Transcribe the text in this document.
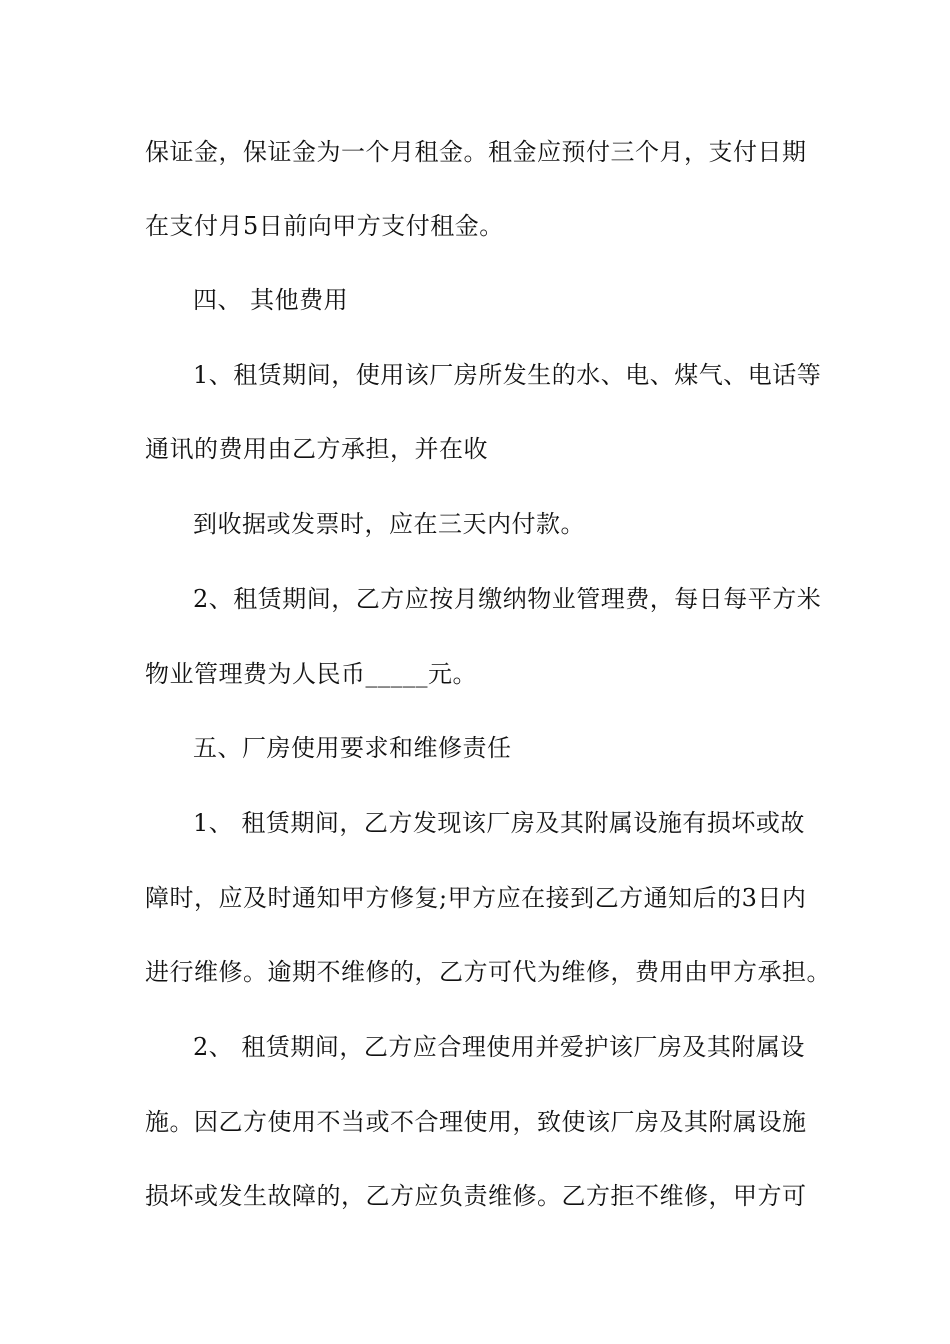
保证金，保证金为一个月租金。租金应预付三个月，支付日期
在支付月5日前向甲方支付租金。
四、 其他费用
1、租赁期间，使用该厂房所发生的水、电、煤气、电话等
通讯的费用由乙方承担，并在收
到收据或发票时，应在三天内付款。
2、租赁期间，乙方应按月缴纳物业管理费，每日每平方米
物业管理费为人民币_____元。
五、厂房使用要求和维修责任
1、 租赁期间，乙方发现该厂房及其附属设施有损坏或故
障时，应及时通知甲方修复;甲方应在接到乙方通知后的3日内
进行维修。逾期不维修的，乙方可代为维修，费用由甲方承担。
2、 租赁期间，乙方应合理使用并爱护该厂房及其附属设
施。因乙方使用不当或不合理使用，致使该厂房及其附属设施
损坏或发生故障的，乙方应负责维修。乙方拒不维修，甲方可
